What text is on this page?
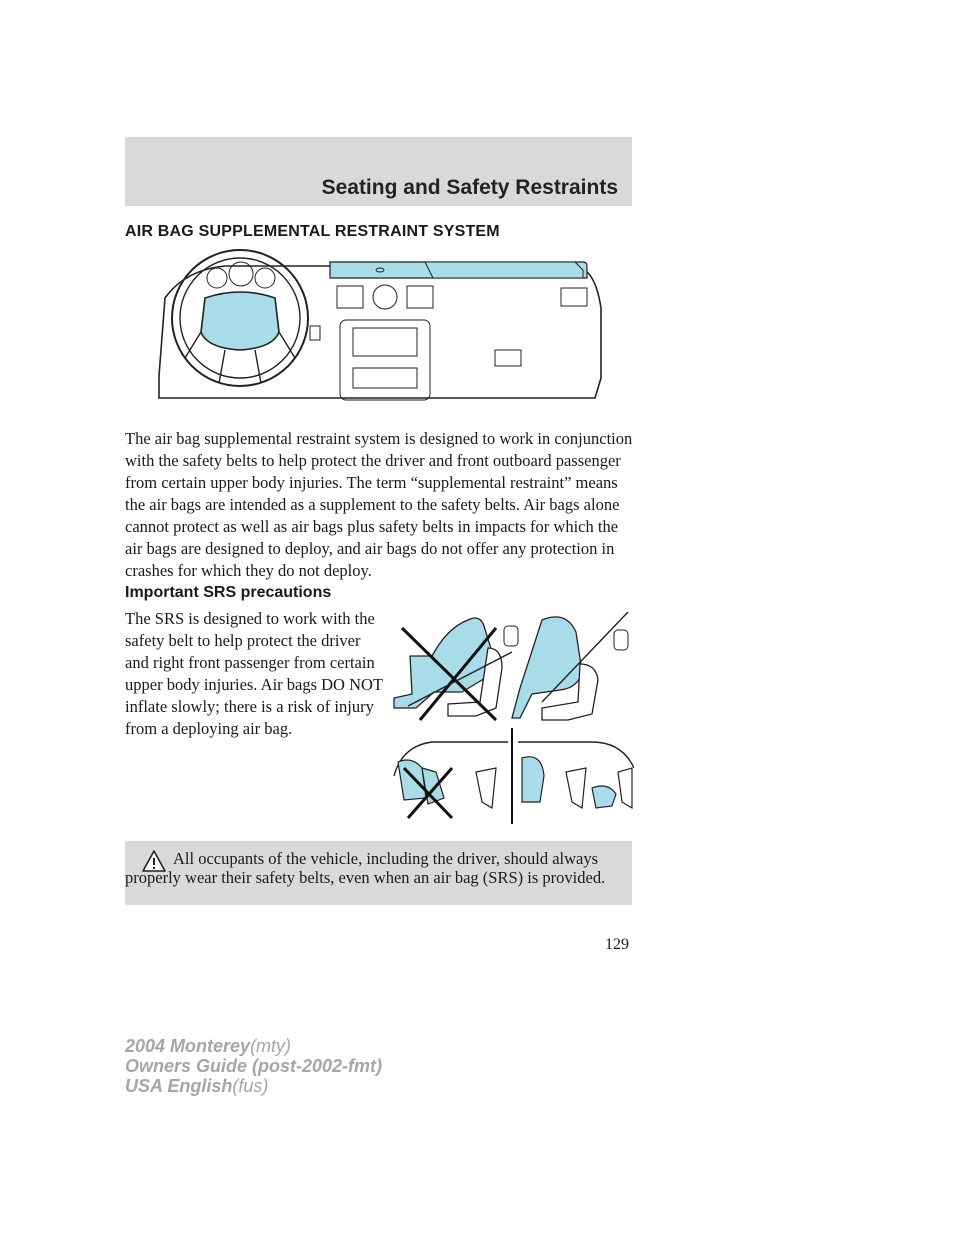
Seating and Safety Restraints
AIR BAG SUPPLEMENTAL RESTRAINT SYSTEM

The air bag supplemental restraint system is designed to work in conjunction with the safety belts to help protect the driver and front outboard passenger from certain upper body injuries. The term “supplemental restraint” means the air bags are intended as a supplement to the safety belts. Air bags alone cannot protect as well as air bags plus safety belts in impacts for which the air bags are designed to deploy, and air bags do not offer any protection in crashes for which they do not deploy.

Important SRS precautions

The SRS is designed to work with the safety belt to help protect the driver and right front passenger from certain upper body injuries. Air bags DO NOT inflate slowly; there is a risk of injury from a deploying air bag.

All occupants of the vehicle, including the driver, should always properly wear their safety belts, even when an air bag (SRS) is provided.

129
2004 Monterey(mty)
Owners Guide (post-2002-fmt)
USA English(fus)
